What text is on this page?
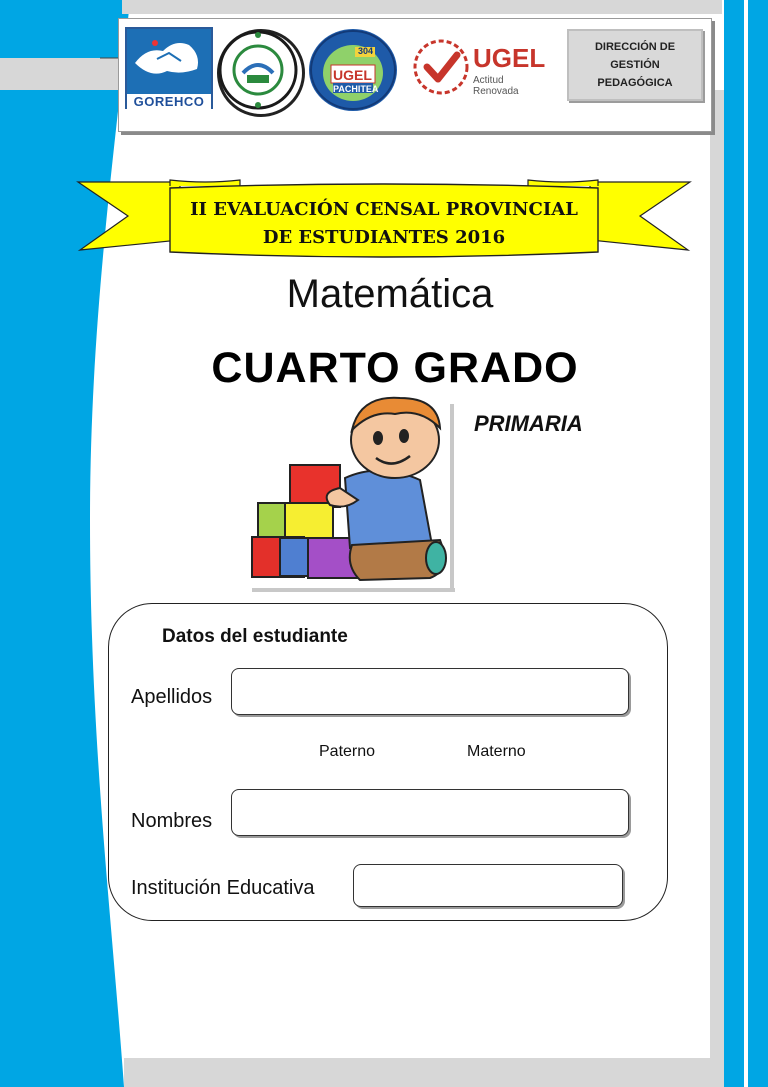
GOREHCO
UGEL
304
PACHITEA
UGEL
Actitud Renovada
DIRECCIÓN DE
GESTIÓN
PEDAGÓGICA
II EVALUACIÓN CENSAL PROVINCIAL
DE ESTUDIANTES 2016
Matemática
CUARTO GRADO
PRIMARIA
Datos del estudiante
Apellidos
Paterno	Materno
Nombres
Institución Educativa
